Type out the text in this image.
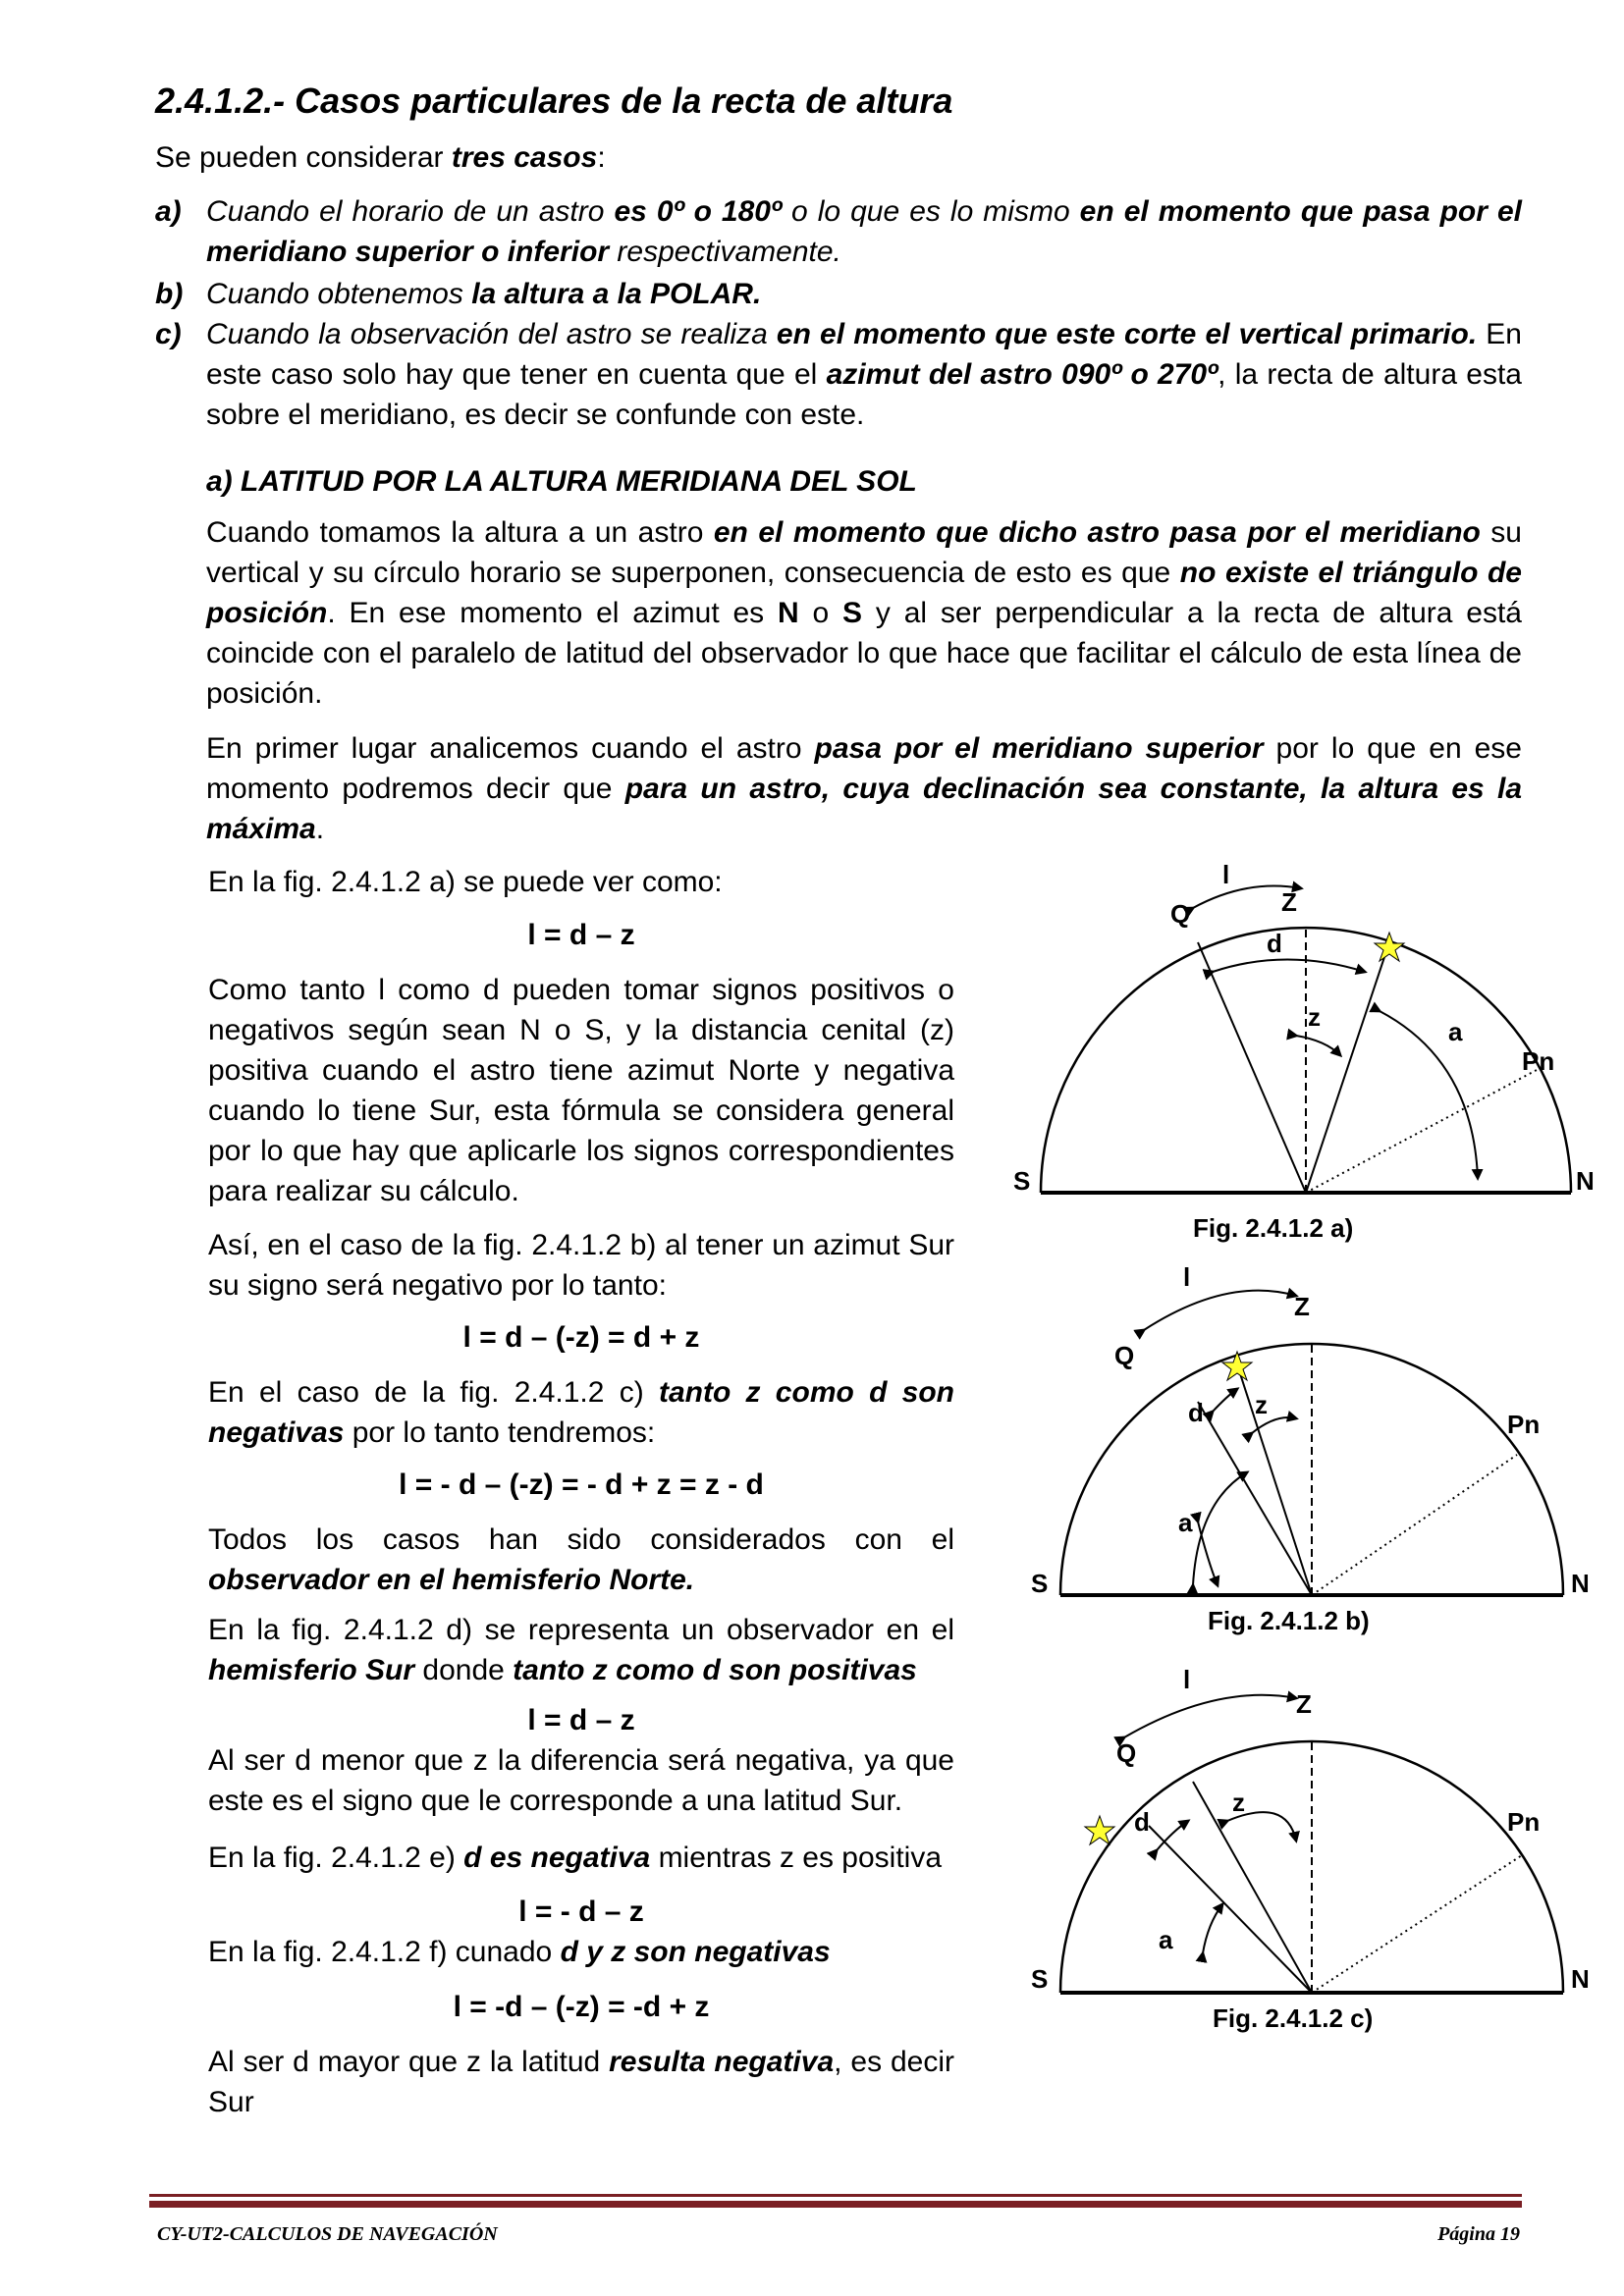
2.4.1.2.- Casos particulares de la recta de altura
Se pueden considerar tres casos:
a) Cuando el horario de un astro es 0º o 180º o lo que es lo mismo en el momento que pasa por el meridiano superior o inferior respectivamente.
b) Cuando obtenemos la altura a la POLAR.
c) Cuando la observación del astro se realiza en el momento que este corte el vertical primario. En este caso solo hay que tener en cuenta que el azimut del astro 090º o 270º, la recta de altura esta sobre el meridiano, es decir se confunde con este.
a) LATITUD POR LA ALTURA MERIDIANA DEL SOL
Cuando tomamos la altura a un astro en el momento que dicho astro pasa por el meridiano su vertical y su círculo horario se superponen, consecuencia de esto es que no existe el triángulo de posición. En ese momento el azimut es N o S y al ser perpendicular a la recta de altura está coincide con el paralelo de latitud del observador lo que hace que facilitar el cálculo de esta línea de posición.
En primer lugar analicemos cuando el astro pasa por el meridiano superior por lo que en ese momento podremos decir que para un astro, cuya declinación sea constante, la altura es la máxima.
En la fig. 2.4.1.2 a) se puede ver como:
l = d – z
Como tanto l como d pueden tomar signos positivos o negativos según sean N o S, y la distancia cenital (z) positiva cuando el astro tiene azimut Norte y negativa cuando lo tiene Sur, esta fórmula se considera general por lo que hay que aplicarle los signos correspondientes para realizar su cálculo.
Así, en el caso de la fig. 2.4.1.2 b) al tener un azimut Sur su signo será negativo por lo tanto:
l = d – (-z) = d + z
En el caso de la fig. 2.4.1.2 c) tanto z como d son negativas por lo tanto tendremos:
l = - d – (-z) = - d + z = z - d
Todos los casos han sido considerados con el observador en el hemisferio Norte.
En la fig. 2.4.1.2 d) se representa un observador en el hemisferio Sur donde tanto z como d son positivas
l = d – z
Al ser d menor que z la diferencia será negativa, ya que este es el signo que le corresponde a una latitud Sur.
En la fig. 2.4.1.2 e) d es negativa mientras z es positiva
l = - d – z
En la fig. 2.4.1.2 f) cunado d y z son negativas
l = -d – (-z) = -d + z
Al ser d mayor que z la latitud resulta negativa, es decir Sur
l
Z
Q
d
z	a
Pn
S	N
Fig. 2.4.1.2 a)
l
Z
Q
d z
a
Pn
S	N
Fig. 2.4.1.2 b)
l
Z
Q
d
z
a
Pn
S	N
Fig. 2.4.1.2 c)
CY-UT2-CALCULOS DE NAVEGACIÓN	Página 19
